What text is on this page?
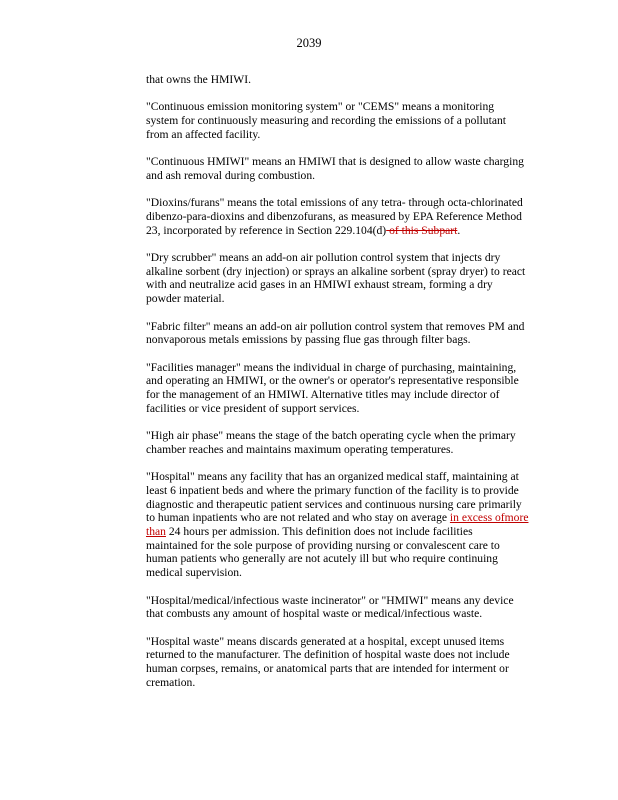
2039

that owns the HMIWI.

"Continuous emission monitoring system" or "CEMS" means a monitoring
system for continuously measuring and recording the emissions of a pollutant
from an affected facility.

"Continuous HMIWI" means an HMIWI that is designed to allow waste charging
and ash removal during combustion.

"Dioxins/furans" means the total emissions of any tetra- through octa-chlorinated
dibenzo-para-dioxins and dibenzofurans, as measured by EPA Reference Method
23, incorporated by reference in Section 229.104(d) of this Subpart.

"Dry scrubber" means an add-on air pollution control system that injects dry
alkaline sorbent (dry injection) or sprays an alkaline sorbent (spray dryer) to react
with and neutralize acid gases in an HMIWI exhaust stream, forming a dry
powder material.

"Fabric filter" means an add-on air pollution control system that removes PM and
nonvaporous metals emissions by passing flue gas through filter bags.

"Facilities manager" means the individual in charge of purchasing, maintaining,
and operating an HMIWI, or the owner's or operator's representative responsible
for the management of an HMIWI. Alternative titles may include director of
facilities or vice president of support services.

"High air phase" means the stage of the batch operating cycle when the primary
chamber reaches and maintains maximum operating temperatures.

"Hospital" means any facility that has an organized medical staff, maintaining at
least 6 inpatient beds and where the primary function of the facility is to provide
diagnostic and therapeutic patient services and continuous nursing care primarily
to human inpatients who are not related and who stay on average in excess ofmore
than 24 hours per admission. This definition does not include facilities
maintained for the sole purpose of providing nursing or convalescent care to
human patients who generally are not acutely ill but who require continuing
medical supervision.

"Hospital/medical/infectious waste incinerator" or "HMIWI" means any device
that combusts any amount of hospital waste or medical/infectious waste.

"Hospital waste" means discards generated at a hospital, except unused items
returned to the manufacturer. The definition of hospital waste does not include
human corpses, remains, or anatomical parts that are intended for interment or
cremation.
